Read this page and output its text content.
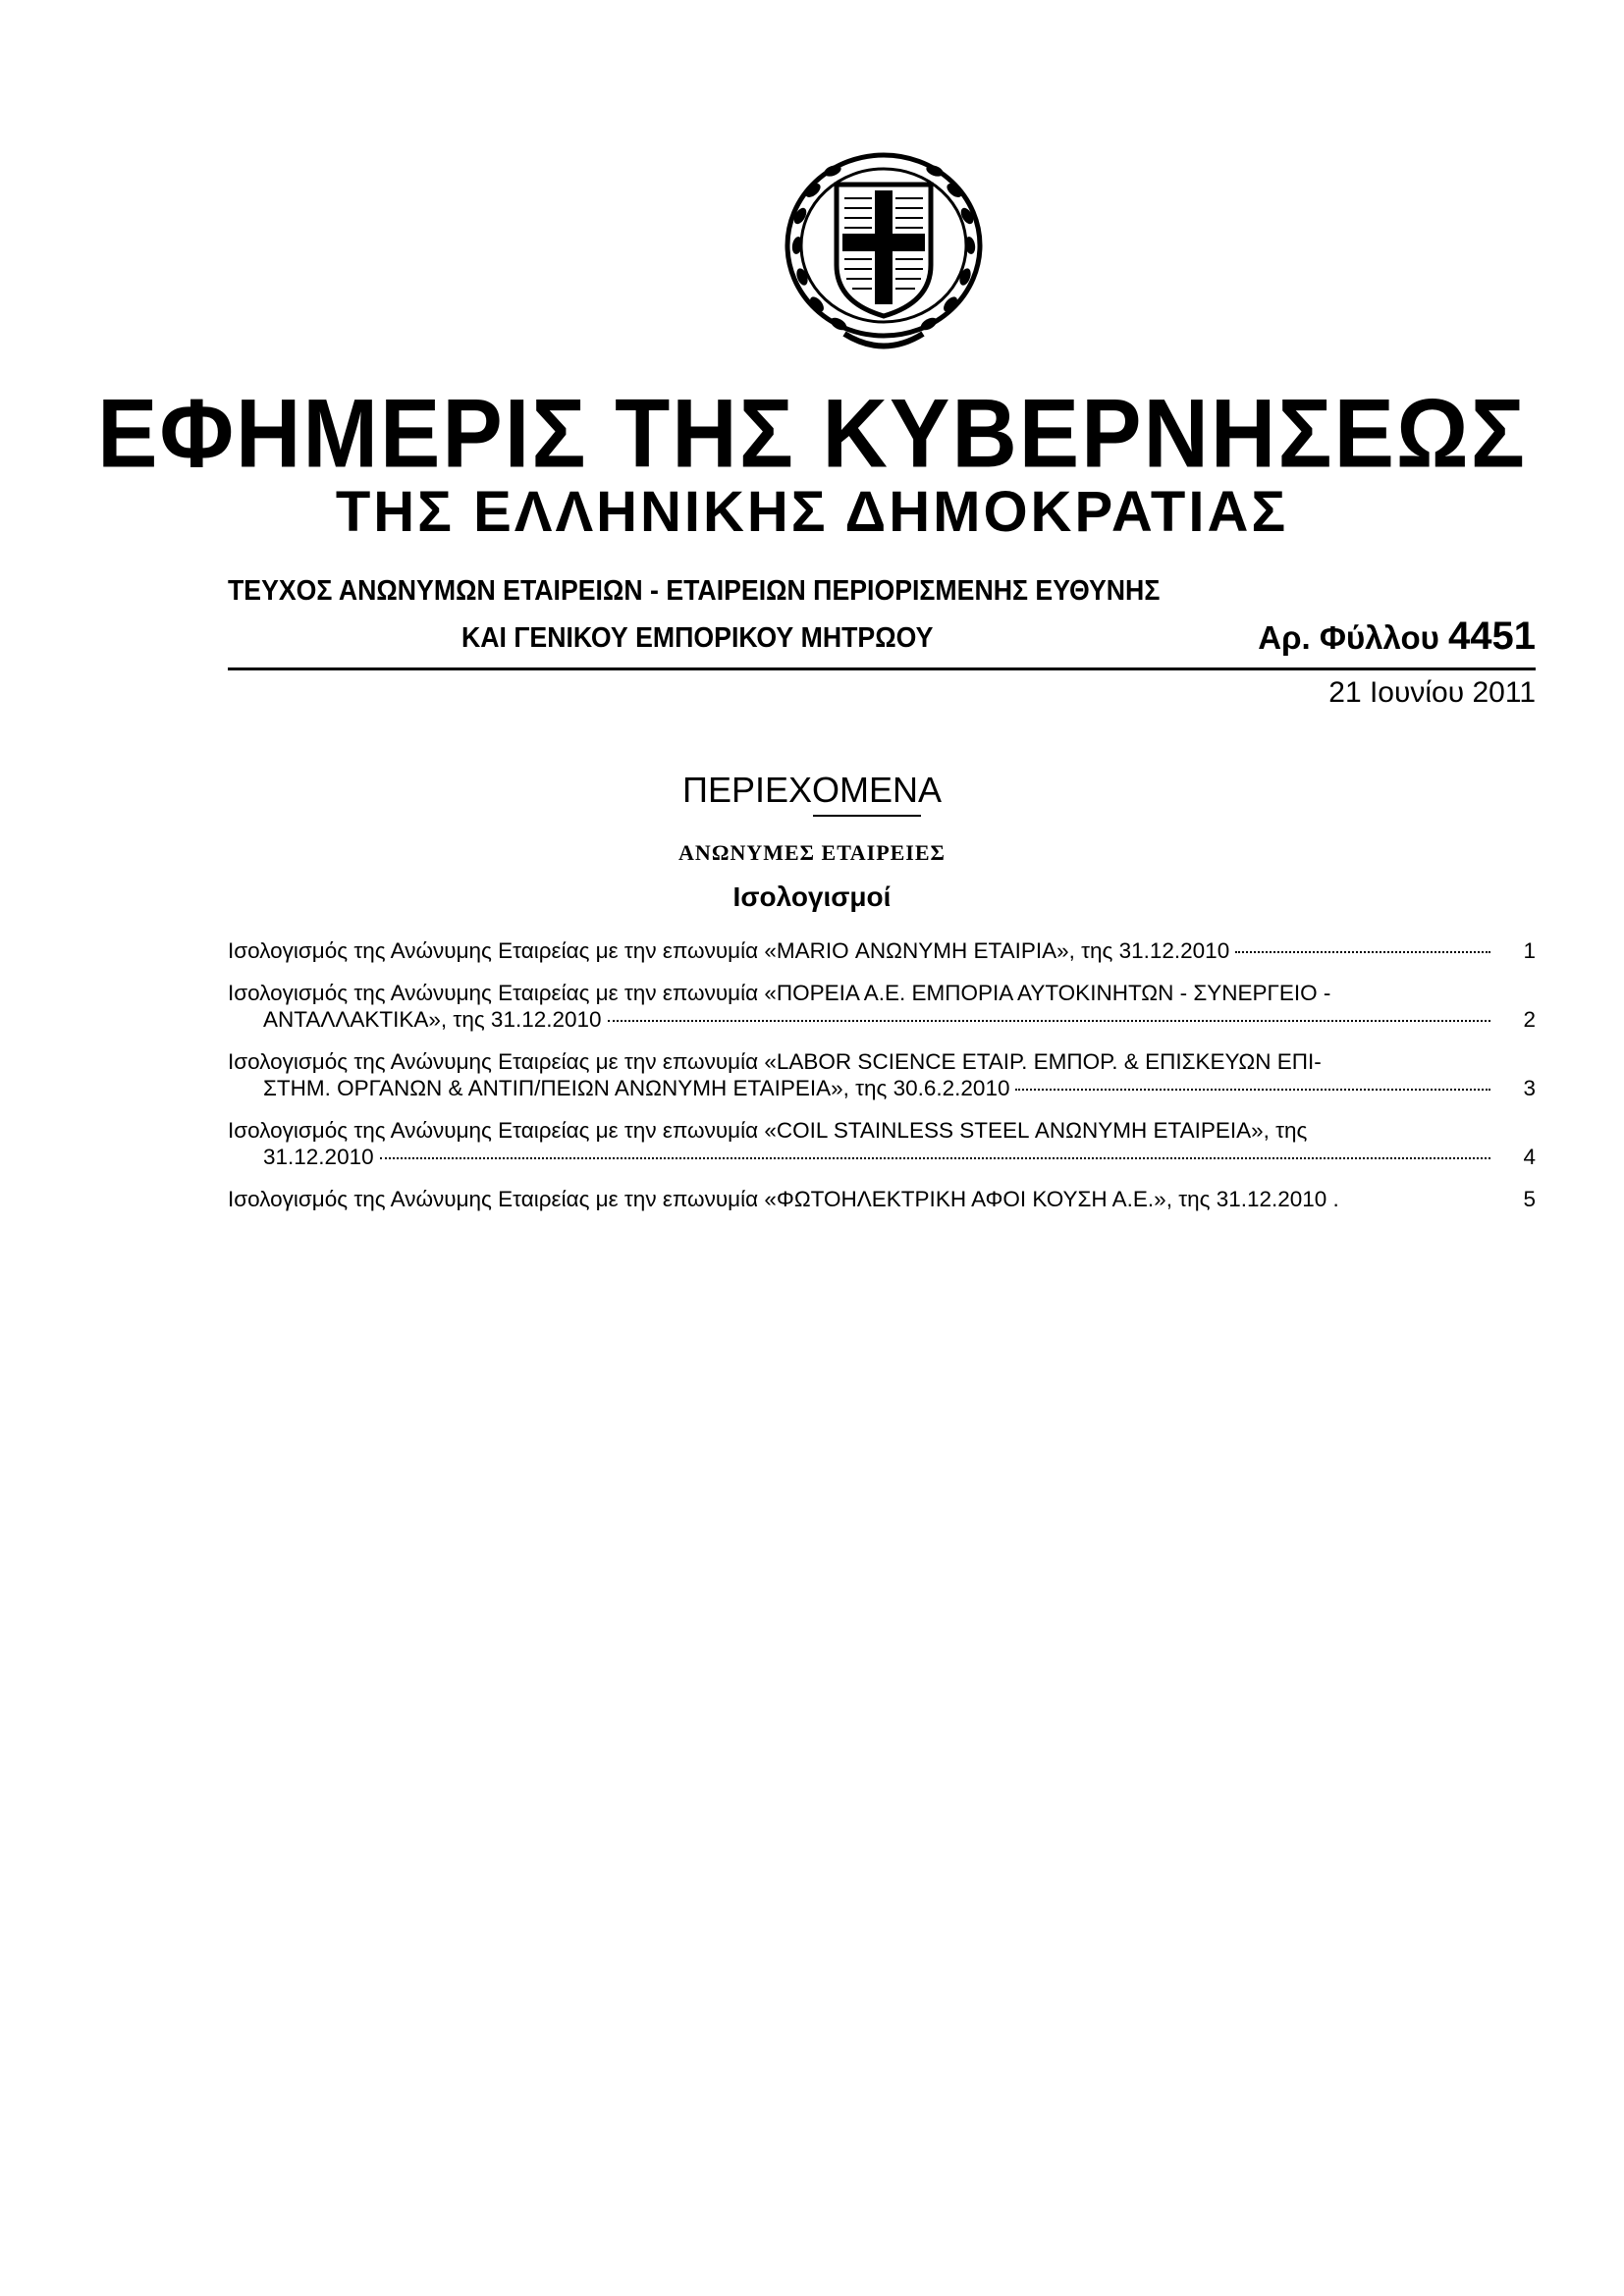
ΕΦΗΜΕΡΙΣ ΤΗΣ ΚΥΒΕΡΝΗΣΕΩΣ
ΤΗΣ ΕΛΛΗΝΙΚΗΣ ΔΗΜΟΚΡΑΤΙΑΣ
ΤΕΥΧΟΣ ΑΝΩΝΥΜΩΝ ΕΤΑΙΡΕΙΩΝ - ΕΤΑΙΡΕΙΩΝ ΠΕΡΙΟΡΙΣΜΕΝΗΣ ΕΥΘΥΝΗΣ
ΚΑΙ ΓΕΝΙΚΟΥ ΕΜΠΟΡΙΚΟΥ ΜΗΤΡΩΟΥ	Αρ. Φύλλου 4451
21 Ιουνίου 2011
ΠΕΡΙΕΧΟΜΕΝΑ
ΑΝΩΝΥΜΕΣ ΕΤΑΙΡΕΙΕΣ
Ισολογισμοί
Ισολογισμός της Ανώνυμης Εταιρείας με την επωνυμία «MARIO ΑΝΩΝΥΜΗ ΕΤΑΙΡΙΑ», της 31.12.2010	1
Ισολογισμός της Ανώνυμης Εταιρείας με την επωνυμία «ΠΟΡΕΙΑ Α.Ε. ΕΜΠΟΡΙΑ ΑΥΤΟΚΙΝΗΤΩΝ - ΣΥΝΕΡΓΕΙΟ -
ΑΝΤΑΛΛΑΚΤΙΚΑ», της 31.12.2010	2
Ισολογισμός της Ανώνυμης Εταιρείας με την επωνυμία «LABOR SCIENCE ΕΤΑΙΡ. ΕΜΠΟΡ. & ΕΠΙΣΚΕΥΩΝ ΕΠΙ-
ΣΤΗΜ. ΟΡΓΑΝΩΝ & ΑΝΤΙΠ/ΠΕΙΩΝ ΑΝΩΝΥΜΗ ΕΤΑΙΡΕΙΑ», της 30.6.2.2010	3
Ισολογισμός της Ανώνυμης Εταιρείας με την επωνυμία «COIL STAINLESS STEEL ΑΝΩΝΥΜΗ ΕΤΑΙΡΕΙΑ», της
31.12.2010	4
Ισολογισμός της Ανώνυμης Εταιρείας με την επωνυμία «ΦΩΤΟΗΛΕΚΤΡΙΚΗ ΑΦΟΙ ΚΟΥΣΗ Α.Ε.», της 31.12.2010 .	5
